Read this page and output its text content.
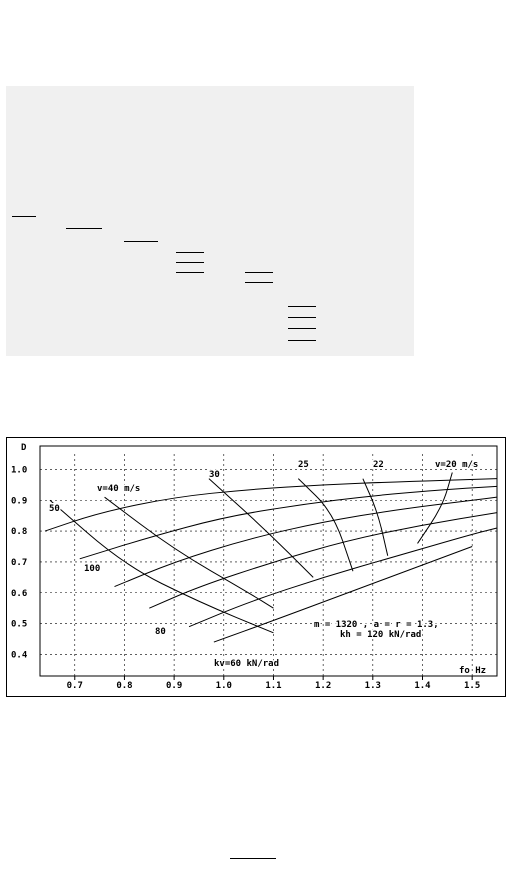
0.7	0.8	0.9	1.0	1.1	1.2	1.3	1.4	1.5
1.0
0.9
0.8
0.7
0.6
0.5
0.4
D
fo Hz
50
v=40 m/s
30
25	22	v=20 m/s
100
80
kv=60 kN/rad
m = 1320 , a = r = 1.3,
kh = 120 kN/rad
